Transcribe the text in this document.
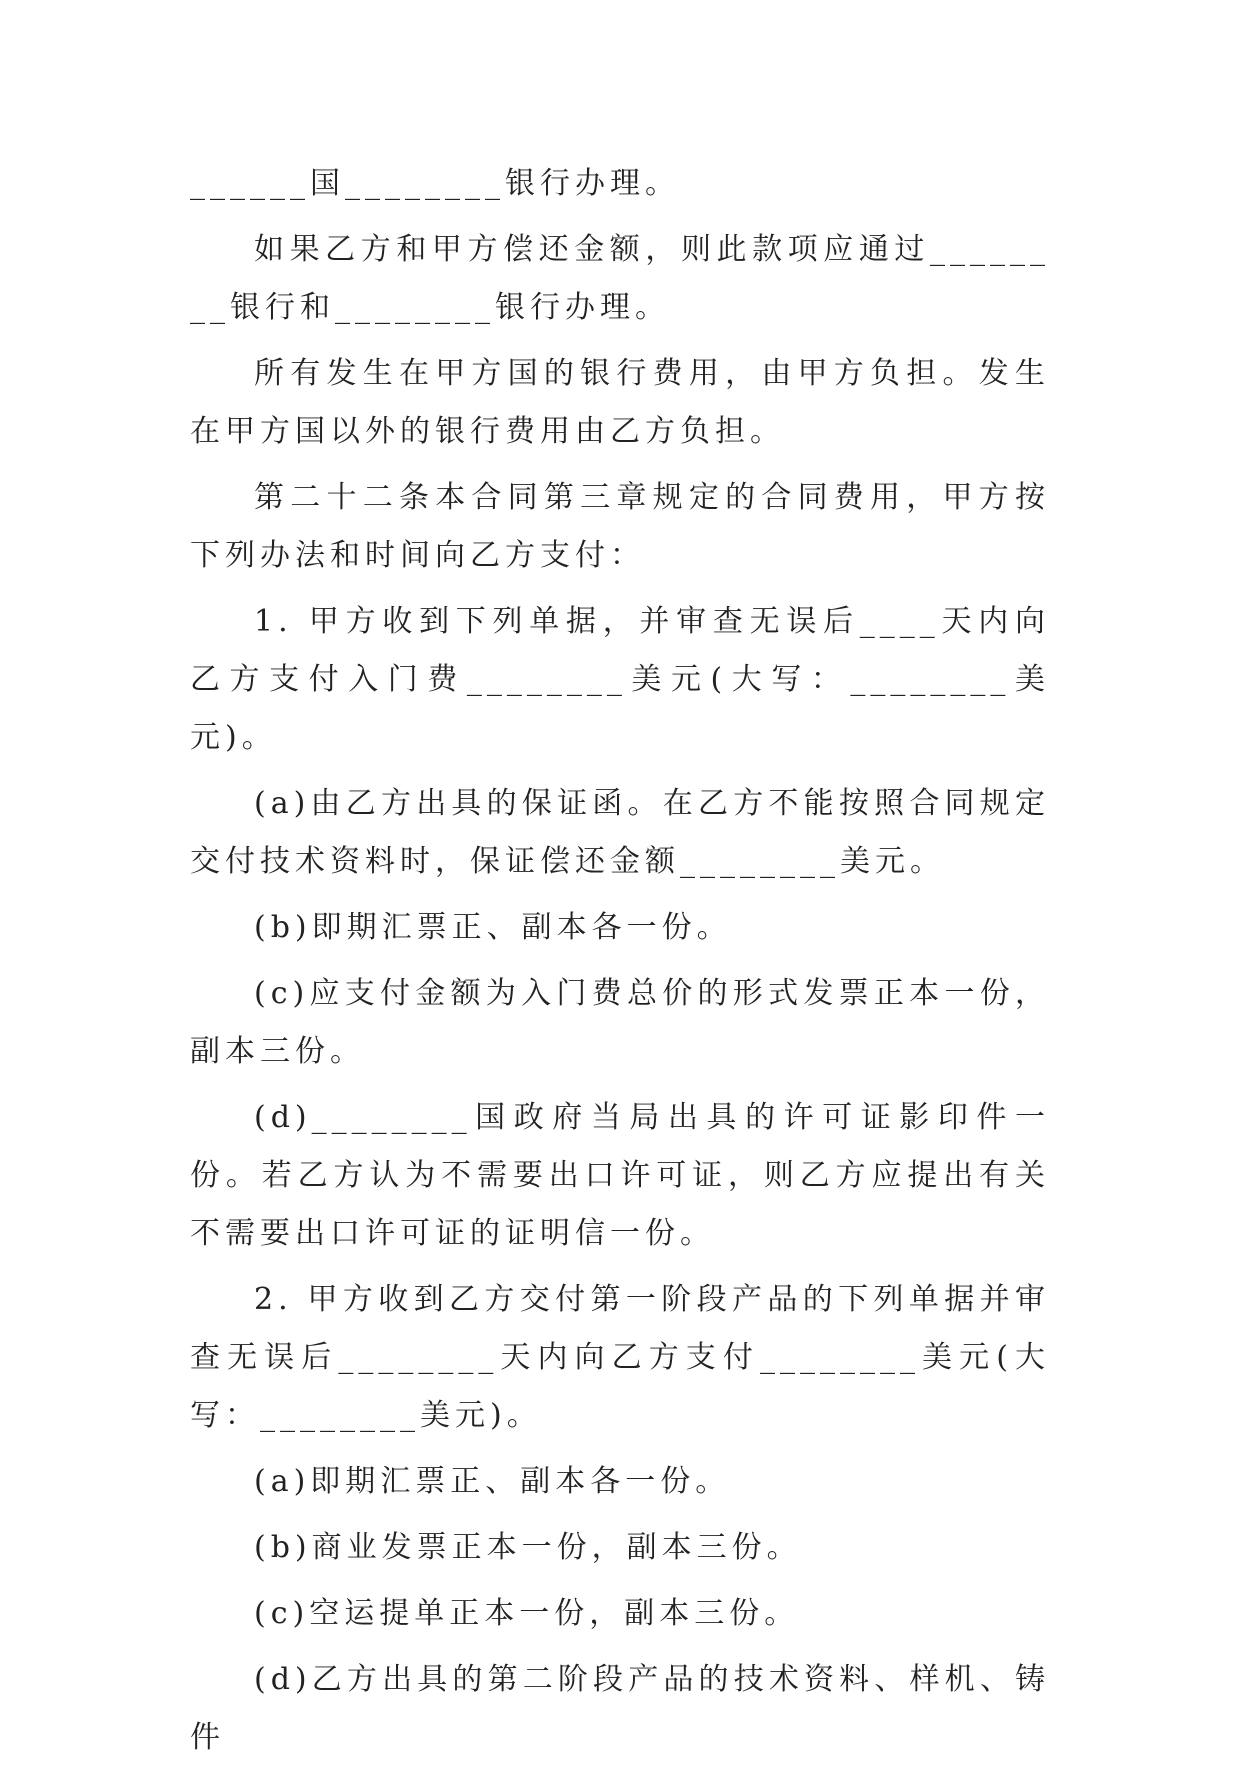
______国________银行办理。

如果乙方和甲方偿还金额，则此款项应通过________银行和________银行办理。

所有发生在甲方国的银行费用，由甲方负担。发生在甲方国以外的银行费用由乙方负担。

第二十二条本合同第三章规定的合同费用，甲方按下列办法和时间向乙方支付：

1. 甲方收到下列单据，并审查无误后____天内向乙方支付入门费________美元(大写：________美元)。

(a)由乙方出具的保证函。在乙方不能按照合同规定交付技术资料时，保证偿还金额________美元。

(b)即期汇票正、副本各一份。

(c)应支付金额为入门费总价的形式发票正本一份，副本三份。

(d)________国政府当局出具的许可证影印件一份。若乙方认为不需要出口许可证，则乙方应提出有关不需要出口许可证的证明信一份。

2. 甲方收到乙方交付第一阶段产品的下列单据并审查无误后________天内向乙方支付________美元(大写：________美元)。

(a)即期汇票正、副本各一份。

(b)商业发票正本一份，副本三份。

(c)空运提单正本一份，副本三份。

(d)乙方出具的第二阶段产品的技术资料、样机、铸件
